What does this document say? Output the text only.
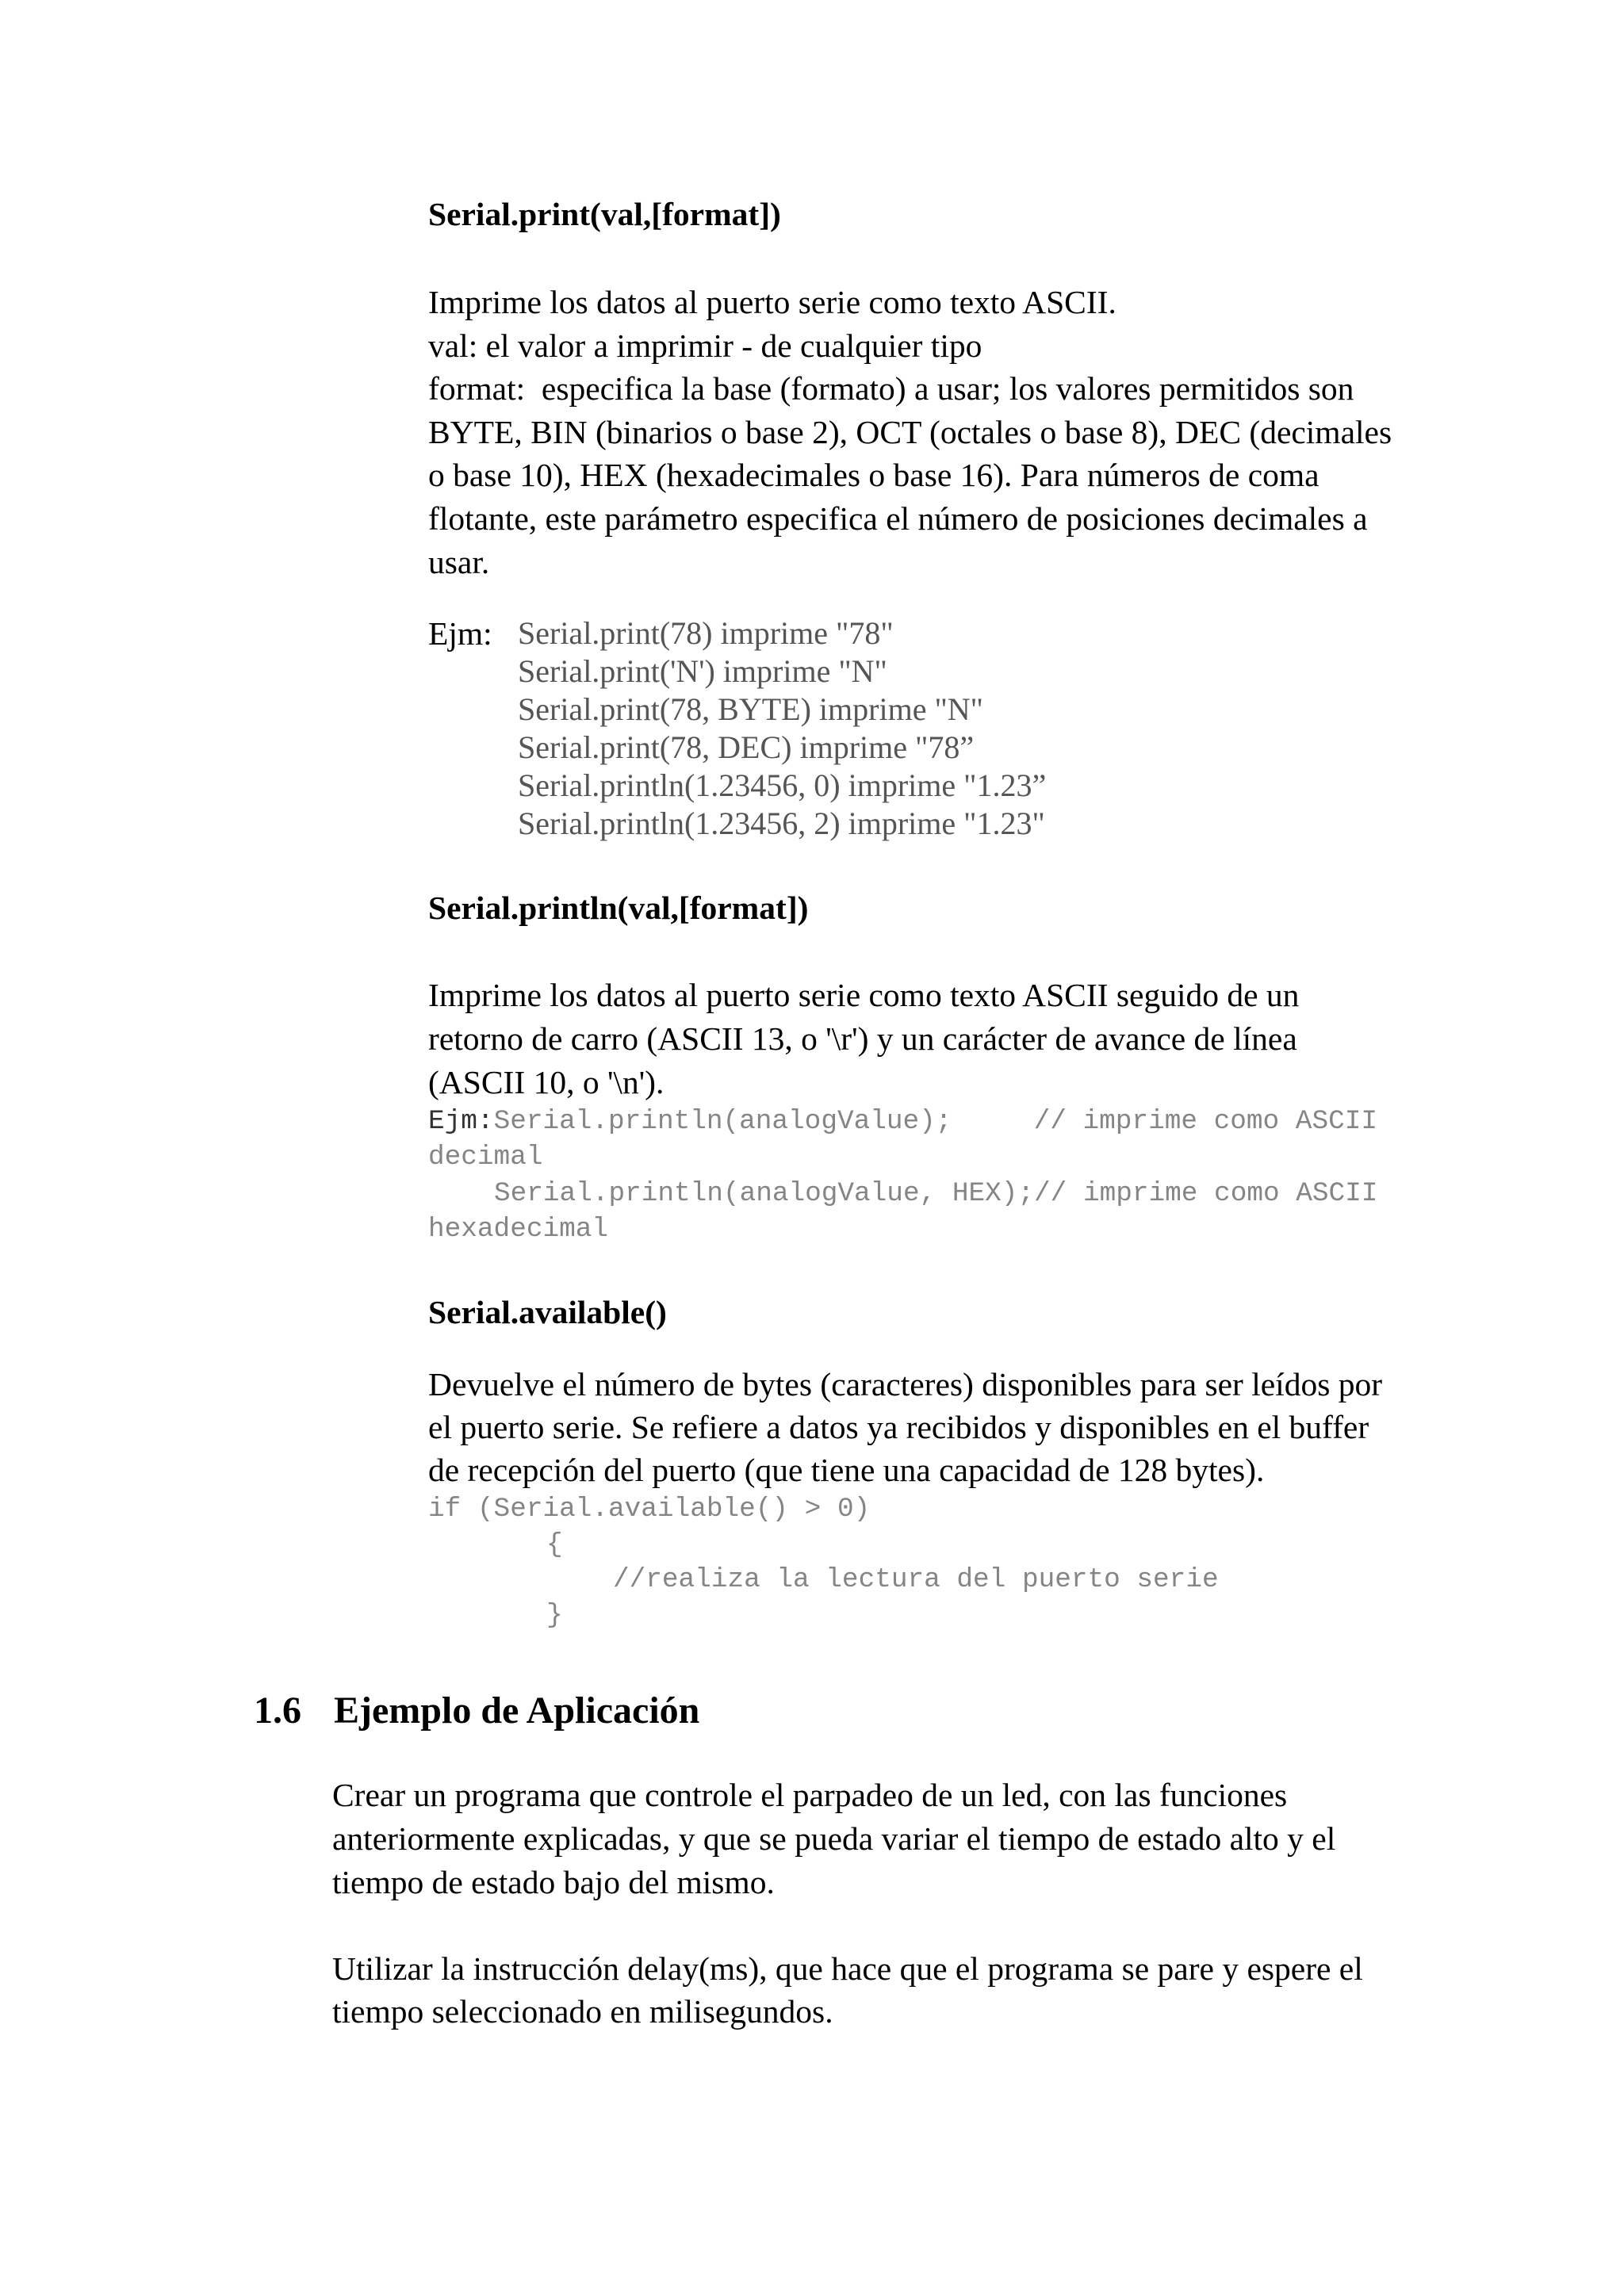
Serial.print(val,[format])
Imprime los datos al puerto serie como texto ASCII.
val: el valor a imprimir - de cualquier tipo
format:  especifica la base (formato) a usar; los valores permitidos son
BYTE, BIN (binarios o base 2), OCT (octales o base 8), DEC (decimales
o base 10), HEX (hexadecimales o base 16). Para números de coma
flotante, este parámetro especifica el número de posiciones decimales a
usar.
Ejm: Serial.print(78) imprime "78"
Serial.print('N') imprime "N"
Serial.print(78, BYTE) imprime "N"
Serial.print(78, DEC) imprime "78”
Serial.println(1.23456, 0) imprime "1.23”
Serial.println(1.23456, 2) imprime "1.23"
Serial.println(val,[format])
Imprime los datos al puerto serie como texto ASCII seguido de un
retorno de carro (ASCII 13, o '\r') y un carácter de avance de línea
(ASCII 10, o '\n').
Ejm:Serial.println(analogValue);     // imprime como ASCII
decimal
Serial.println(analogValue, HEX);// imprime como ASCII
hexadecimal
Serial.available()
Devuelve el número de bytes (caracteres) disponibles para ser leídos por
el puerto serie. Se refiere a datos ya recibidos y disponibles en el buffer
de recepción del puerto (que tiene una capacidad de 128 bytes).
if (Serial.available() > 0)
{
//realiza la lectura del puerto serie
}
1.6 Ejemplo de Aplicación
Crear un programa que controle el parpadeo de un led, con las funciones
anteriormente explicadas, y que se pueda variar el tiempo de estado alto y el
tiempo de estado bajo del mismo.
Utilizar la instrucción delay(ms), que hace que el programa se pare y espere el
tiempo seleccionado en milisegundos.
